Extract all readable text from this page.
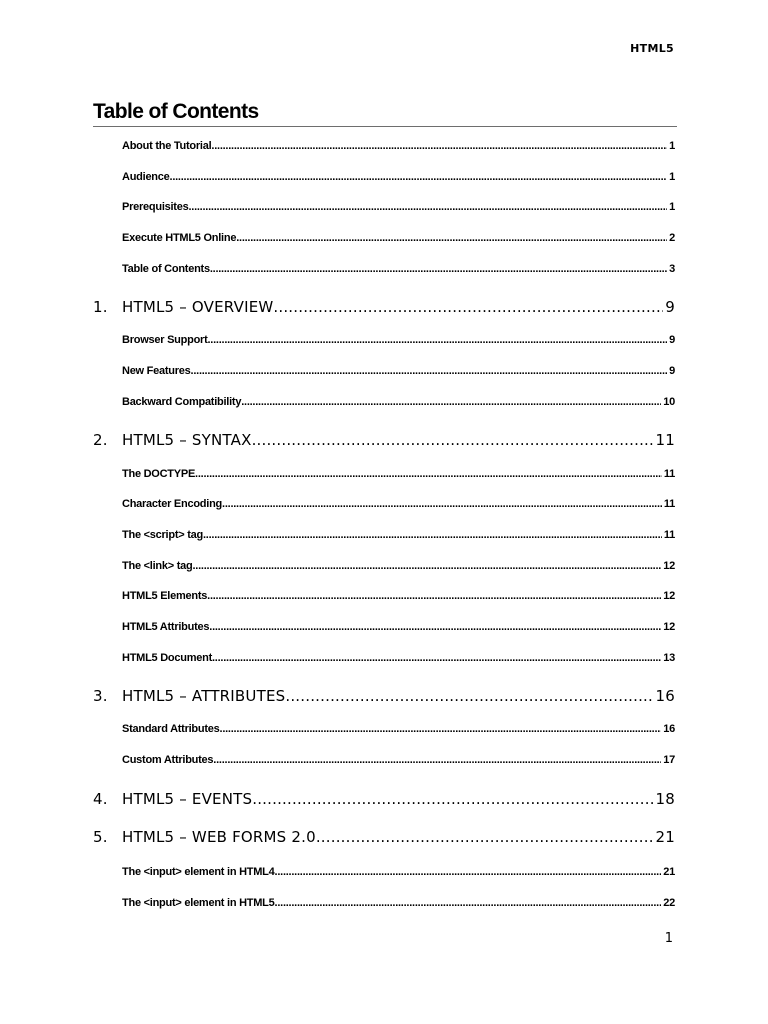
HTML5
Table of Contents
About the Tutorial .....	1
Audience .....	1
Prerequisites .....	1
Execute HTML5 Online .....	2
Table of Contents .....	3
1. HTML5 – OVERVIEW .....	9
Browser Support .....	9
New Features .....	9
Backward Compatibility .....	10
2. HTML5 – SYNTAX .....	11
The DOCTYPE .....	11
Character Encoding .....	11
The <script> tag .....	11
The <link> tag .....	12
HTML5 Elements .....	12
HTML5 Attributes .....	12
HTML5 Document .....	13
3. HTML5 – ATTRIBUTES .....	16
Standard Attributes .....	16
Custom Attributes .....	17
4. HTML5 – EVENTS .....	18
5. HTML5 – WEB FORMS 2.0 .....	21
The <input> element in HTML4 .....	21
The <input> element in HTML5 .....	22
1
